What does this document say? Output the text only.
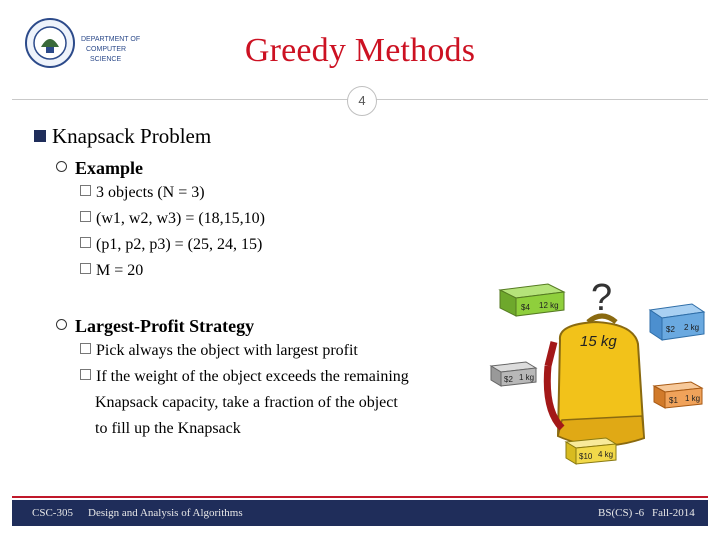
DEPARTMENT OF
COMPUTER
SCIENCE	Greedy Methods
4
Knapsack Problem
Example
3 objects (N = 3)
(w1, w2, w3) = (18,15,10)
(p1, p2, p3) = (25, 24, 15)
M = 20
Largest-Profit Strategy
Pick always the object with largest profit
If the weight of the object exceeds the remaining
Knapsack capacity, take a fraction of the object
to fill up the Knapsack
?
$4 12 kg
$2 2 kg
15 kg
$2 1 kg
$1 1 kg
$10 4 kg
CSC-305 Design and Analysis of Algorithms	BS(CS) -6 Fall-2014
